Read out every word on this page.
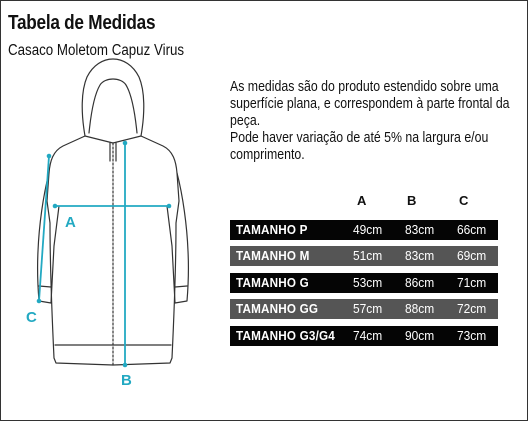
Tabela de Medidas
Casaco Moletom Capuz Virus
A
B
C

As medidas são do produto estendido sobre uma superfície plana, e correspondem à parte frontal da peça.

Pode haver variação de até 5% na largura e/ou comprimento.

A	B	C
TAMANHO P	49cm 83cm 66cm
TAMANHO M	51cm 83cm 69cm
TAMANHO G	53cm 86cm 71cm
TAMANHO GG	57cm 88cm 72cm
TAMANHO G3/G4 74cm 90cm 73cm
